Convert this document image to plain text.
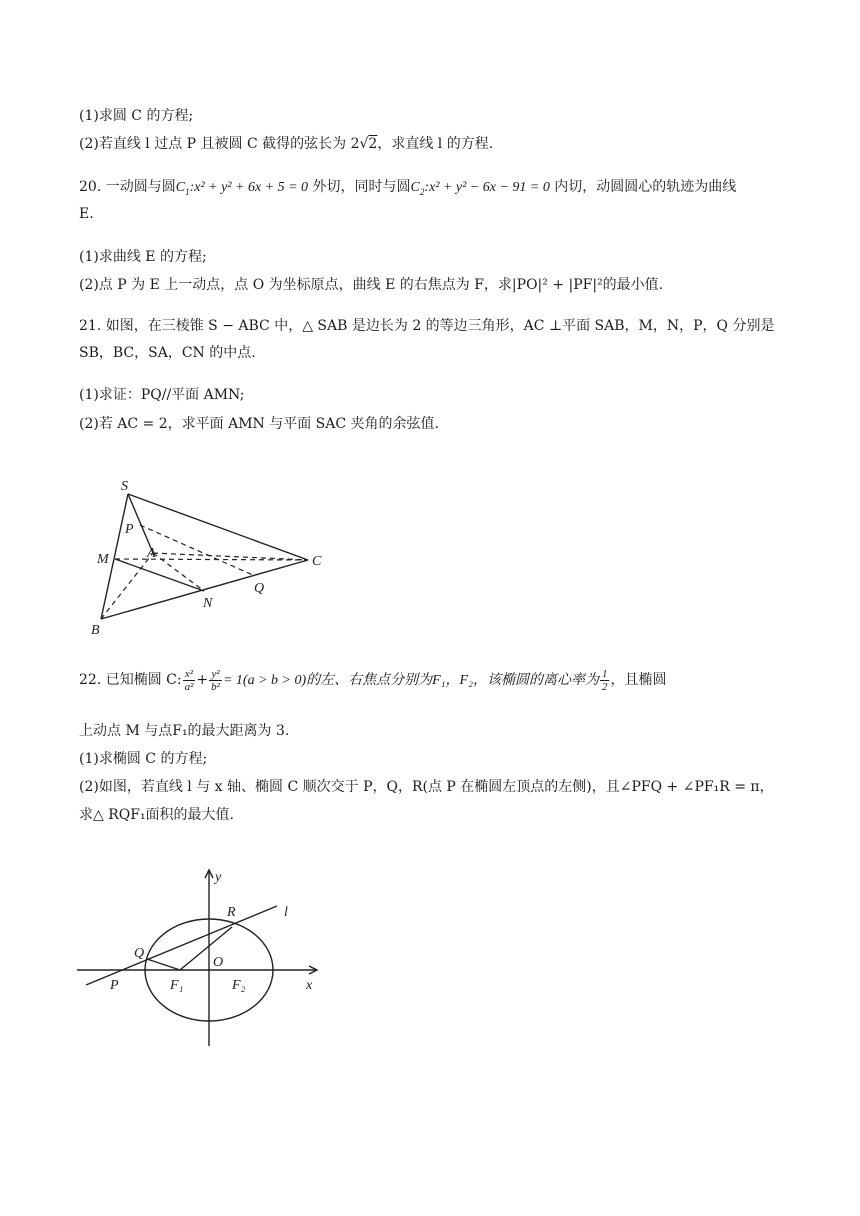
(1)求圆 C 的方程;
(2)若直线 l 过点 P 且被圆 C 截得的弦长为 2√2，求直线 l 的方程.
20. 一动圆与圆$C_1:x^2 + y^2 + 6x + 5 = 0$ 外切，同时与圆$C_2:x^2 + y^2 - 6x - 91 = 0$ 内切，动圆圆心的轨迹为曲线
E.
(1)求曲线 E 的方程;
(2)点 P 为 E 上一动点，点 O 为坐标原点，曲线 E 的右焦点为 F，求|PO|² + |PF|²的最小值.
21. 如图，在三棱锥 S − ABC 中，△ SAB 是边长为 2 的等边三角形，AC ⊥平面 SAB，M，N，P，Q 分别是
SB，BC，SA，CN 的中点.
(1)求证：PQ//平面 AMN;
(2)若 AC = 2，求平面 AMN 与平面 SAC 夹角的余弦值.
S
P
M	A
C
Q
N
B
22. 已知椭圆 C: $\frac{\text{x²}}{\text{a²}} + \frac{\text{y²}}{\text{b²}} = 1(a > b > 0)$的左、右焦点分别为F₁，F₂，该椭圆的离心率为 $\frac{1}{2}$ ，且椭圆
上动点 M 与点F₁的最大距离为 3.
(1)求椭圆 C 的方程;
(2)如图，若直线 l 与 x 轴、椭圆 C 顺次交于 P，Q，R(点 P 在椭圆左顶点的左侧)，且∠PFQ + ∠PF₁R = π，
求△ RQF₁面积的最大值.
y
R	l
Q
O
P	F₁	F₂	x
